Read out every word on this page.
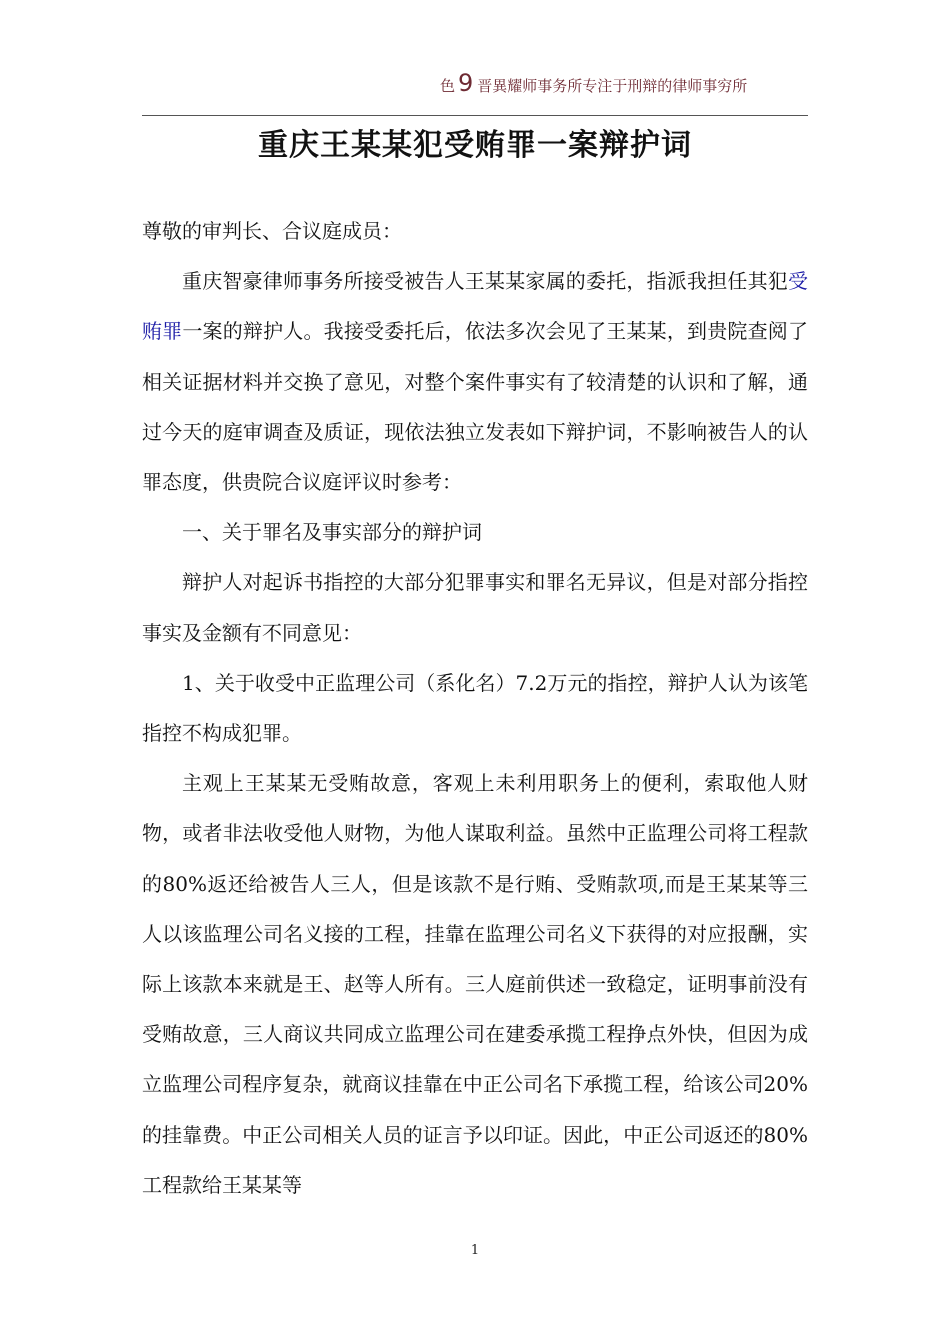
色 9 晋異耀师事务所专注于刑辩的律师事穷所
重庆王某某犯受贿罪一案辩护词

尊敬的审判长、合议庭成员：

重庆智豪律师事务所接受被告人王某某家属的委托，指派我担任其犯受贿罪一案的辩护人。我接受委托后，依法多次会见了王某某，到贵院查阅了相关证据材料并交换了意见，对整个案件事实有了较清楚的认识和了解，通过今天的庭审调查及质证，现依法独立发表如下辩护词，不影响被告人的认罪态度，供贵院合议庭评议时参考：

一、关于罪名及事实部分的辩护词

辩护人对起诉书指控的大部分犯罪事实和罪名无异议，但是对部分指控事实及金额有不同意见：

1、关于收受中正监理公司（系化名）7.2万元的指控，辩护人认为该笔指控不构成犯罪。

主观上王某某无受贿故意，客观上未利用职务上的便利，索取他人财物，或者非法收受他人财物，为他人谋取利益。虽然中正监理公司将工程款的80%返还给被告人三人，但是该款不是行贿、受贿款项,而是王某某等三人以该监理公司名义接的工程，挂靠在监理公司名义下获得的对应报酬，实际上该款本来就是王、赵等人所有。三人庭前供述一致稳定，证明事前没有受贿故意，三人商议共同成立监理公司在建委承揽工程挣点外快，但因为成立监理公司程序复杂，就商议挂靠在中正公司名下承揽工程，给该公司20%的挂靠费。中正公司相关人员的证言予以印证。因此，中正公司返还的80%工程款给王某某等

1
